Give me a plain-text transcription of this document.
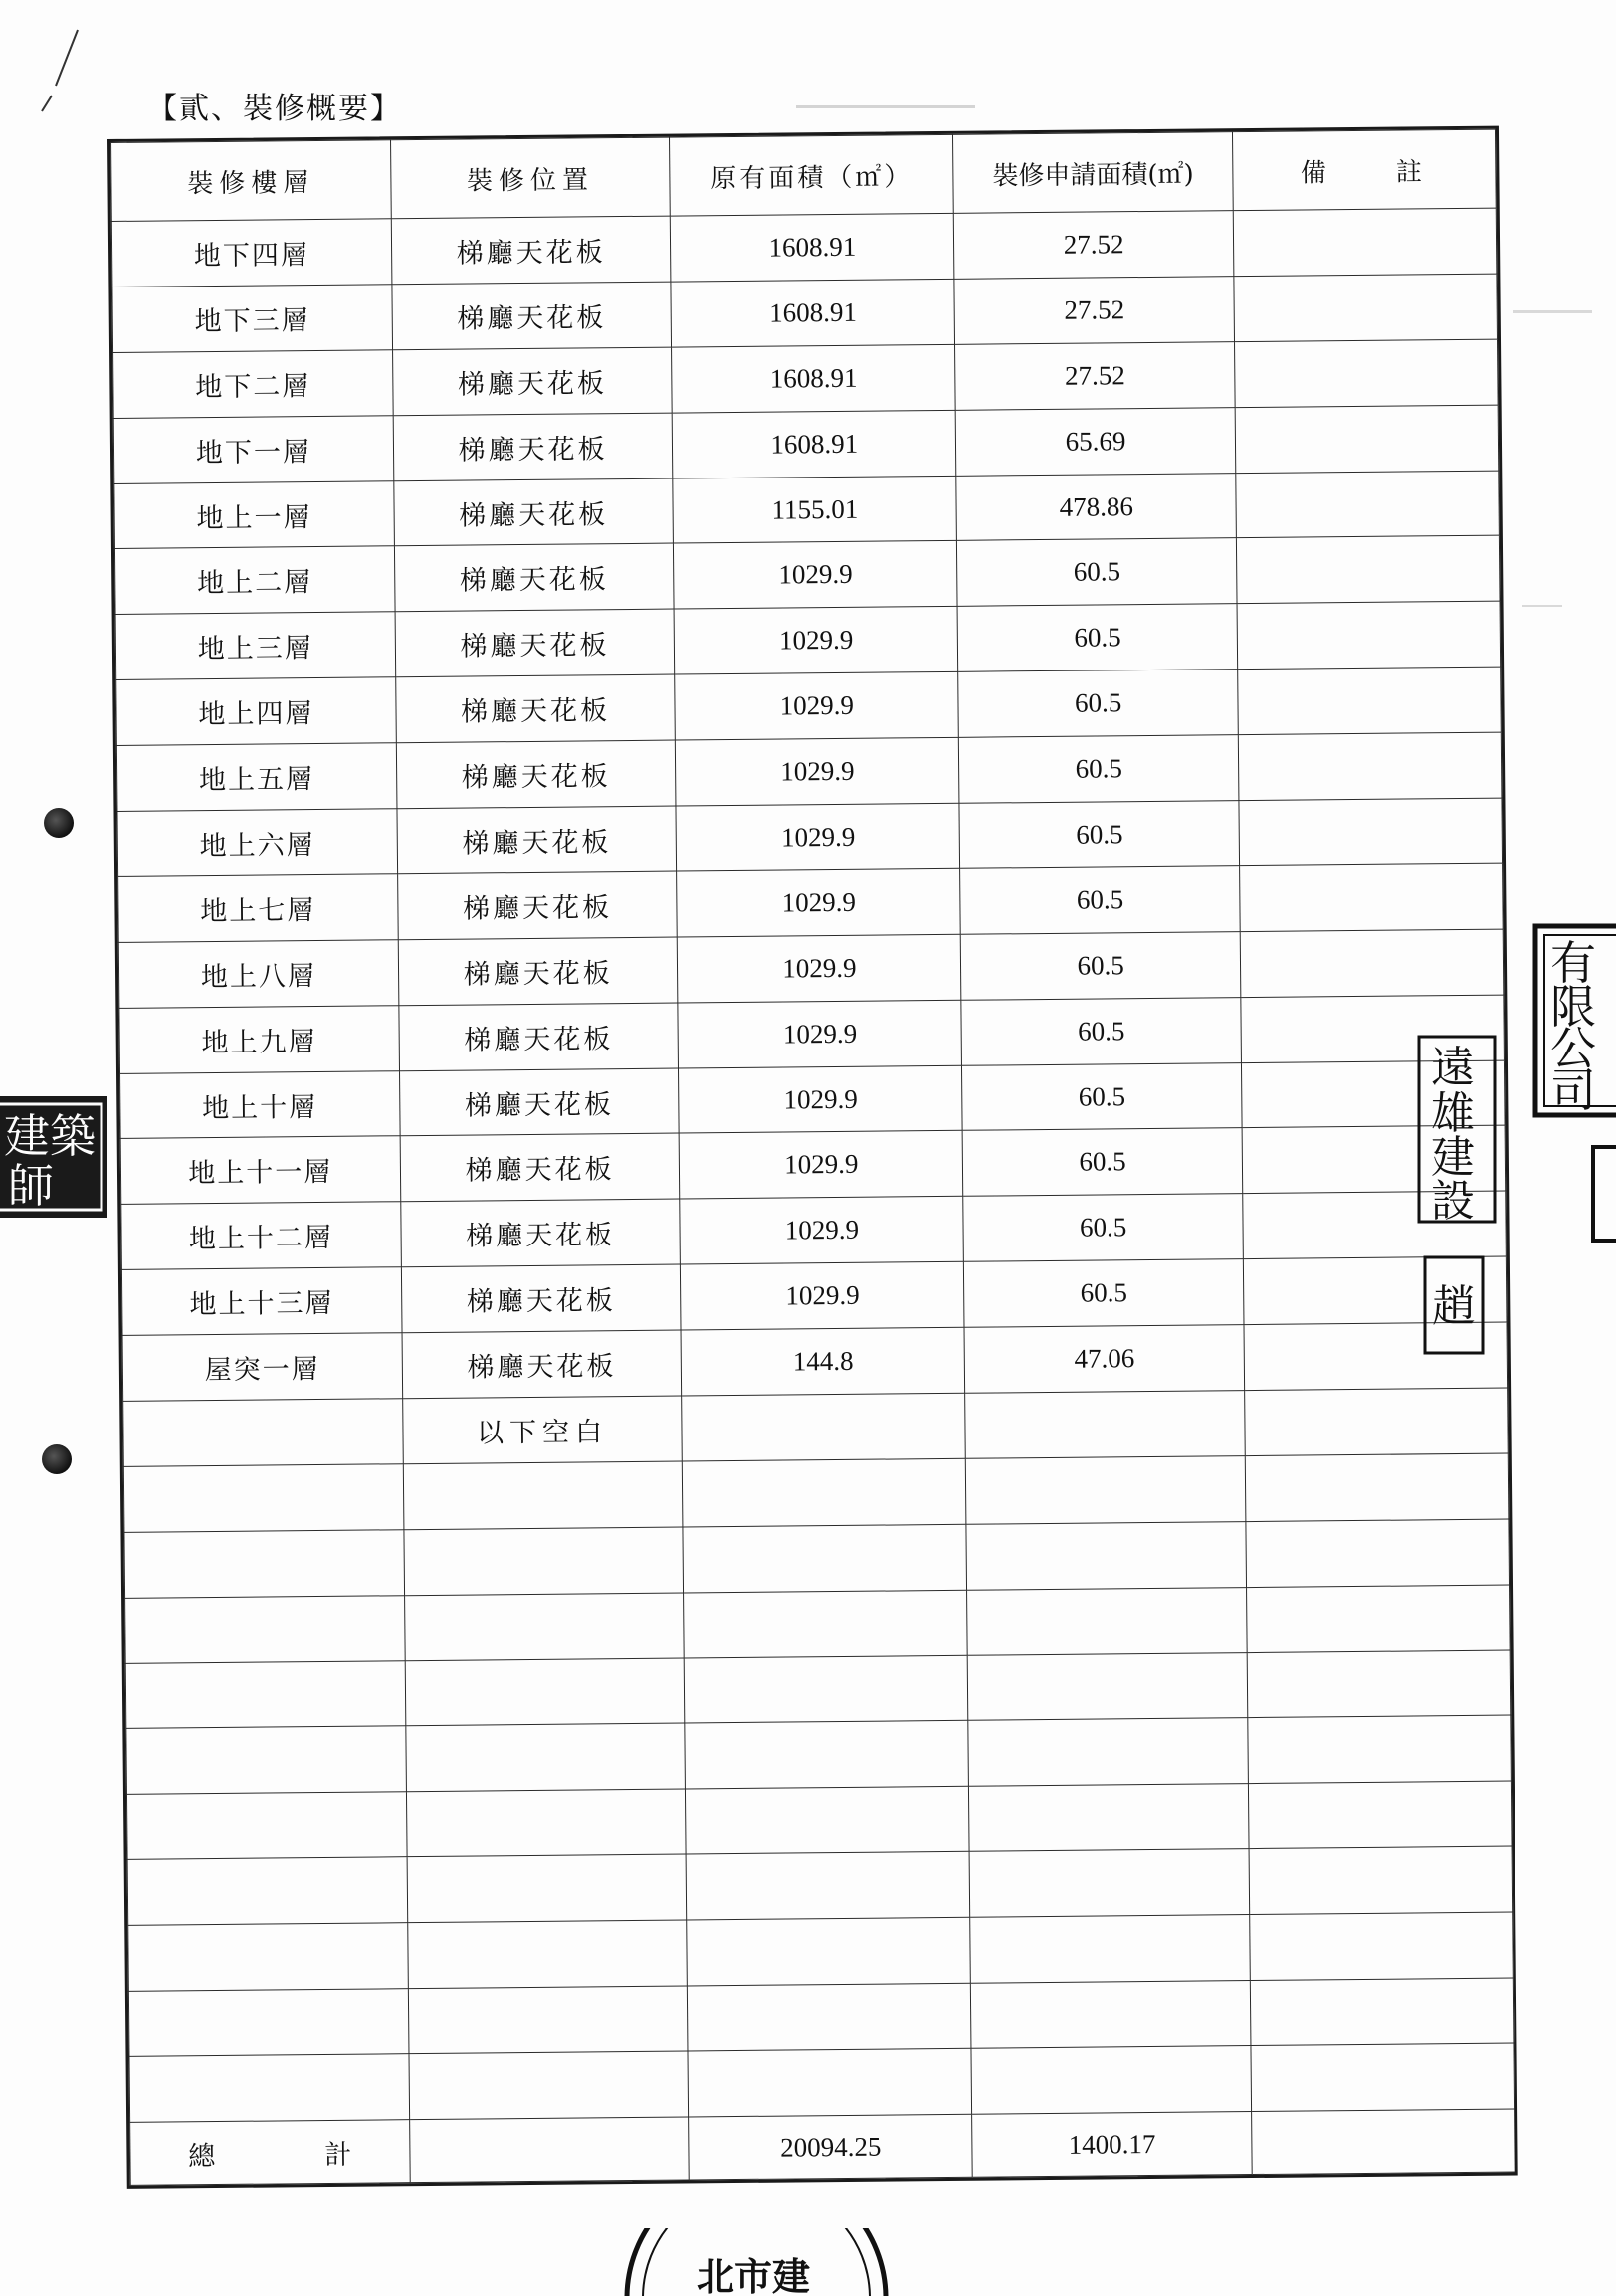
【貳、裝修概要】
裝修樓層	裝修位置	原有面積（㎡）	裝修申請面積(㎡)	備　　註
地下四層	梯廳天花板	1608.91	27.52	
地下三層	梯廳天花板	1608.91	27.52	
地下二層	梯廳天花板	1608.91	27.52	
地下一層	梯廳天花板	1608.91	65.69	
地上一層	梯廳天花板	1155.01	478.86	
地上二層	梯廳天花板	1029.9	60.5	
地上三層	梯廳天花板	1029.9	60.5	
地上四層	梯廳天花板	1029.9	60.5	
地上五層	梯廳天花板	1029.9	60.5	
地上六層	梯廳天花板	1029.9	60.5	
地上七層	梯廳天花板	1029.9	60.5	
地上八層	梯廳天花板	1029.9	60.5	
地上九層	梯廳天花板	1029.9	60.5	
地上十層	梯廳天花板	1029.9	60.5	
地上十一層	梯廳天花板	1029.9	60.5	
地上十二層	梯廳天花板	1029.9	60.5	
地上十三層	梯廳天花板	1029.9	60.5	
屋突一層	梯廳天花板	144.8	47.06	
	以下空白			

總 計		20094.25	1400.17	
有
限
公
司
遠
雄
建
設
趙
建築
師
北市建
